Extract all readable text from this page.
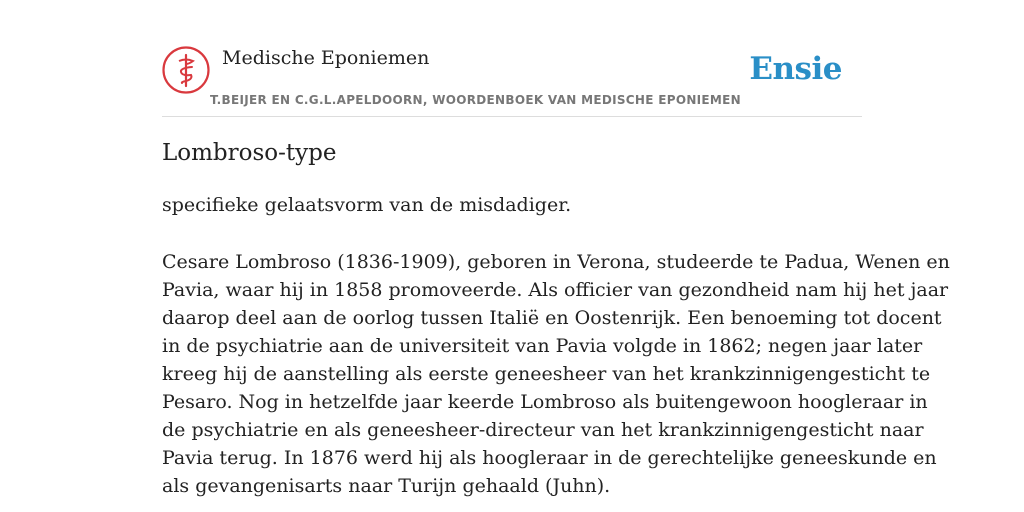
Medische Eponiemen
T.BEIJER EN C.G.L.APELDOORN, WOORDENBOEK VAN MEDISCHE EPONIEMEN
Ensie
Lombroso-type
specifieke gelaatsvorm van de misdadiger.
Cesare Lombroso (1836-1909), geboren in Verona, studeerde te Padua, Wenen en
Pavia, waar hij in 1858 promoveerde. Als officier van gezondheid nam hij het jaar
daarop deel aan de oorlog tussen Italië en Oostenrijk. Een benoeming tot docent
in de psychiatrie aan de universiteit van Pavia volgde in 1862; negen jaar later
kreeg hij de aanstelling als eerste geneesheer van het krankzinnigengesticht te
Pesaro. Nog in hetzelfde jaar keerde Lombroso als buitengewoon hoogleraar in
de psychiatrie en als geneesheer-directeur van het krankzinnigengesticht naar
Pavia terug. In 1876 werd hij als hoogleraar in de gerechtelijke geneeskunde en
als gevangenisarts naar Turijn gehaald (Juhn).
